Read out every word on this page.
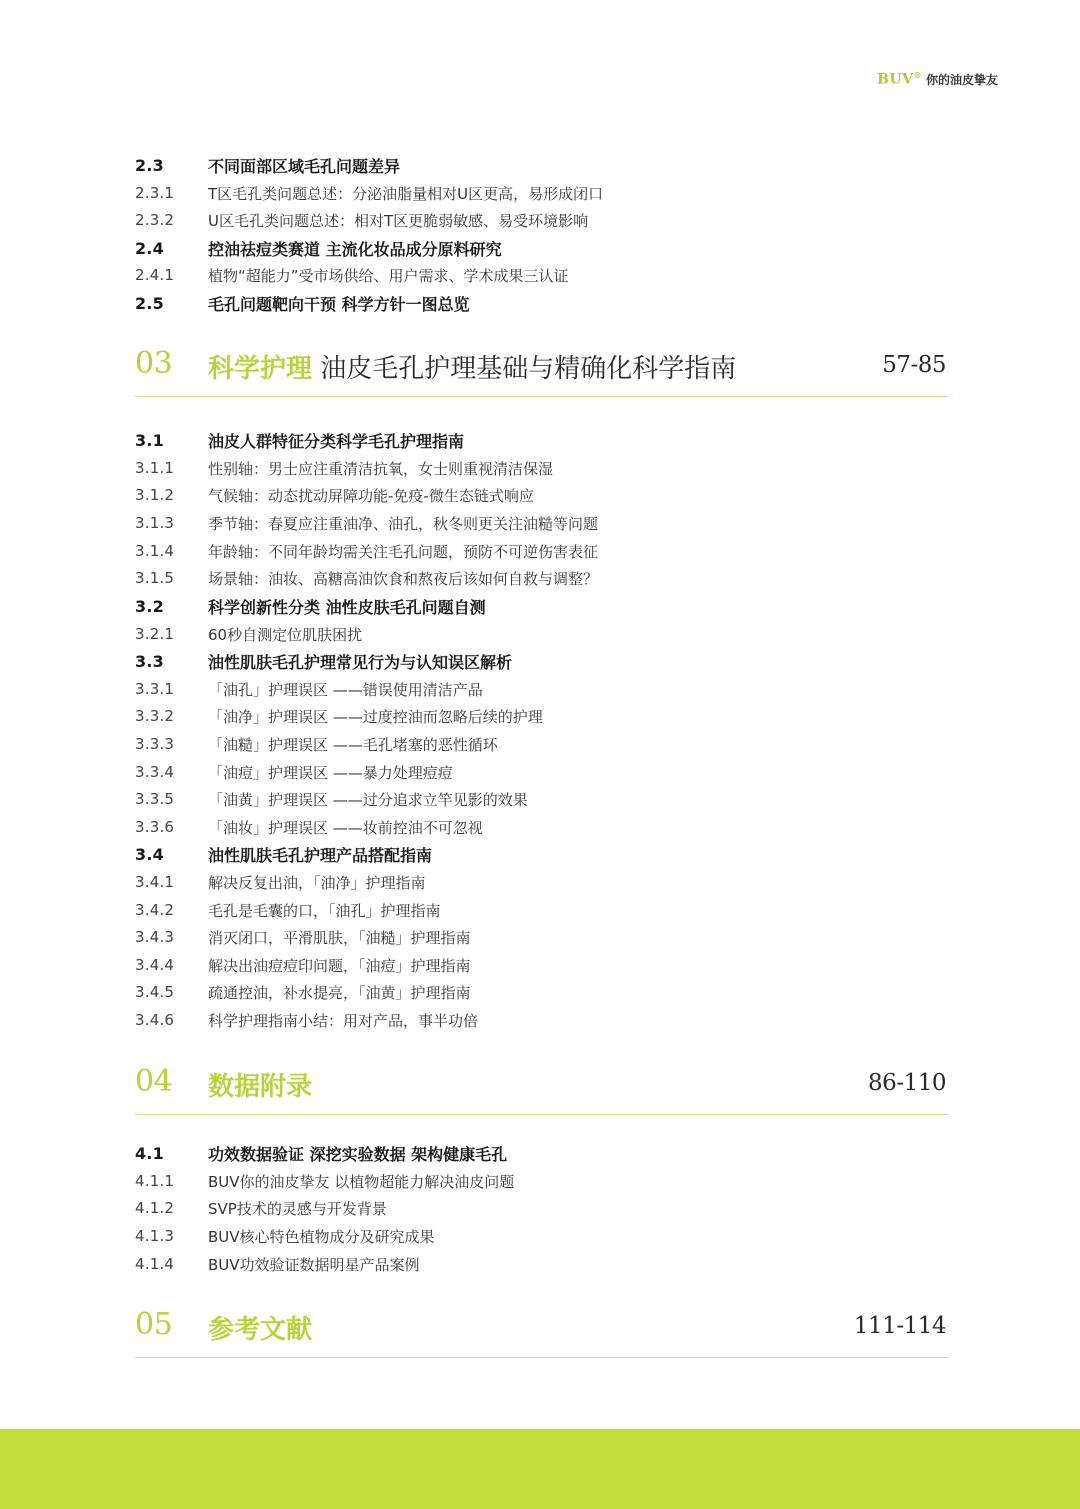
BUV® 你的油皮挚友
2.3	不同面部区域毛孔问题差异
2.3.1	T区毛孔类问题总述：分泌油脂量相对U区更高，易形成闭口
2.3.2	U区毛孔类问题总述：相对T区更脆弱敏感、易受环境影响
2.4	控油祛痘类赛道 主流化妆品成分原料研究
2.4.1	植物“超能力”受市场供给、用户需求、学术成果三认证
2.5	毛孔问题靶向干预 科学方针一图总览
03 科学护理 油皮毛孔护理基础与精确化科学指南	57-85
3.1	油皮人群特征分类科学毛孔护理指南
3.1.1	性别轴：男士应注重清洁抗氧，女士则重视清洁保湿
3.1.2	气候轴：动态扰动屏障功能-免疫-微生态链式响应
3.1.3	季节轴：春夏应注重油净、油孔，秋冬则更关注油糙等问题
3.1.4	年龄轴：不同年龄均需关注毛孔问题，预防不可逆伤害表征
3.1.5	场景轴：油妆、高糖高油饮食和熬夜后该如何自救与调整？
3.2	科学创新性分类 油性皮肤毛孔问题自测
3.2.1	60秒自测定位肌肤困扰
3.3	油性肌肤毛孔护理常见行为与认知误区解析
3.3.1	「油孔」护理误区 ——错误使用清洁产品
3.3.2	「油净」护理误区 ——过度控油而忽略后续的护理
3.3.3	「油糙」护理误区 ——毛孔堵塞的恶性循环
3.3.4	「油痘」护理误区 ——暴力处理痘痘
3.3.5	「油黄」护理误区 ——过分追求立竿见影的效果
3.3.6	「油妆」护理误区 ——妆前控油不可忽视
3.4	油性肌肤毛孔护理产品搭配指南
3.4.1	解决反复出油，「油净」护理指南
3.4.2	毛孔是毛囊的口，「油孔」护理指南
3.4.3	消灭闭口，平滑肌肤，「油糙」护理指南
3.4.4	解决出油痘痘印问题，「油痘」护理指南
3.4.5	疏通控油，补水提亮，「油黄」护理指南
3.4.6	科学护理指南小结：用对产品，事半功倍
04 数据附录	86-110
4.1	功效数据验证 深挖实验数据 架构健康毛孔
4.1.1	BUV你的油皮挚友 以植物超能力解决油皮问题
4.1.2	SVP技术的灵感与开发背景
4.1.3	BUV核心特色植物成分及研究成果
4.1.4	BUV功效验证数据明星产品案例
05 参考文献	111-114
